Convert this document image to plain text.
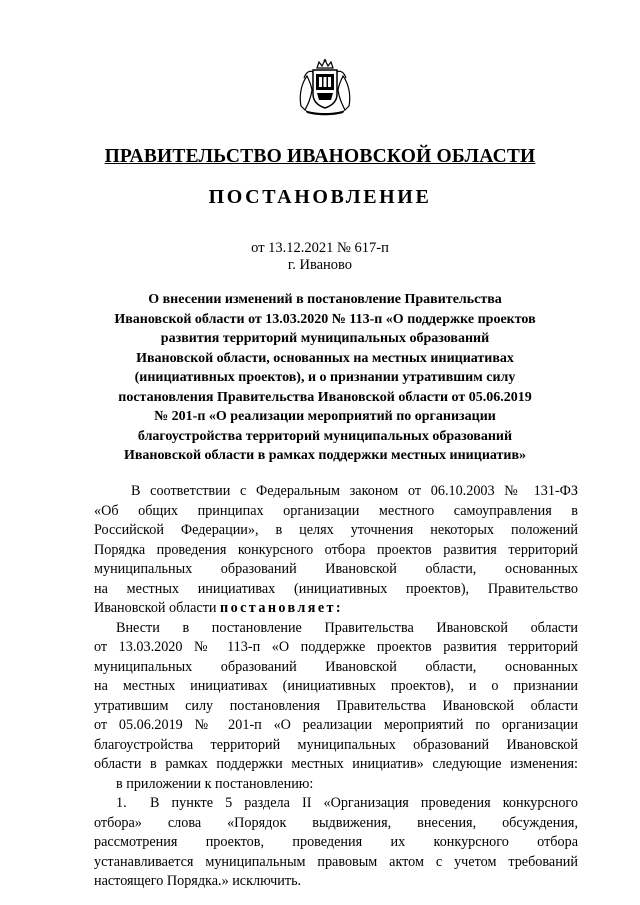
ПРАВИТЕЛЬСТВО ИВАНОВСКОЙ ОБЛАСТИ
ПОСТАНОВЛЕНИЕ
от 13.12.2021 № 617-п
г. Иваново
О внесении изменений в постановление Правительства
Ивановской области от 13.03.2020 № 113-п «О поддержке проектов
развития территорий муниципальных образований
Ивановской области, основанных на местных инициативах
(инициативных проектов), и о признании утратившим силу
постановления Правительства Ивановской области от 05.06.2019
№ 201-п «О реализации мероприятий по организации
благоустройства территорий муниципальных образований
Ивановской области в рамках поддержки местных инициатив»
В соответствии с Федеральным законом от 06.10.2003 № 131-ФЗ
«Об общих принципах организации местного самоуправления в
Российской Федерации», в целях уточнения некоторых положений
Порядка проведения конкурсного отбора проектов развития территорий
муниципальных образований Ивановской области, основанных
на местных инициативах (инициативных проектов), Правительство
Ивановской области постановляет:
Внести в постановление Правительства Ивановской области
от 13.03.2020 № 113-п «О поддержке проектов развития территорий
муниципальных образований Ивановской области, основанных
на местных инициативах (инициативных проектов), и о признании
утратившим силу постановления Правительства Ивановской области
от 05.06.2019 № 201-п «О реализации мероприятий по организации
благоустройства территорий муниципальных образований Ивановской
области в рамках поддержки местных инициатив» следующие изменения:
в приложении к постановлению:
1.	В пункте 5 раздела II «Организация проведения конкурсного
отбора» слова «Порядок выдвижения, внесения, обсуждения,
рассмотрения проектов, проведения их конкурсного отбора
устанавливается муниципальным правовым актом с учетом требований
настоящего Порядка.» исключить.
